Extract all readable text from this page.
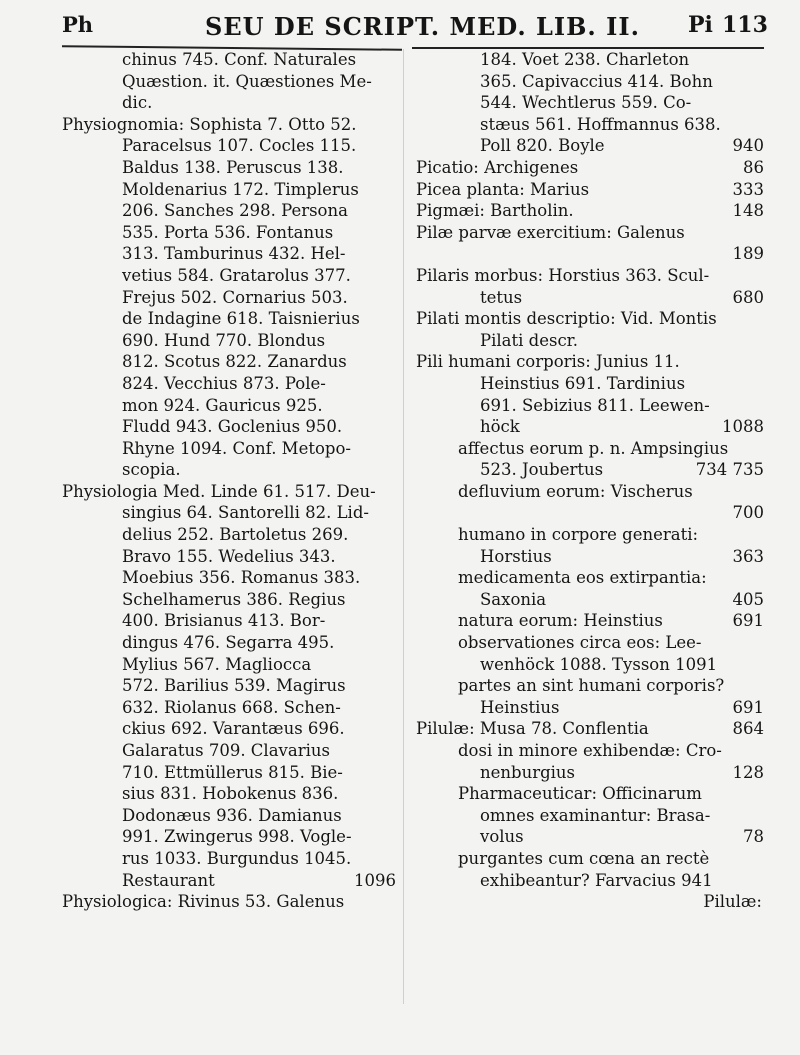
Ph	SEU DE SCRIPT. MED. LIB. II. Pi 113
chinus 745. Conf. Naturales
Quæstion. it. Quæstiones Me-
dic.
Physiognomia: Sophista 7. Otto 52.
Paracelsus 107. Cocles 115.
Baldus 138. Peruscus 138.
Moldenarius 172. Timplerus
206. Sanches 298. Persona
535. Porta 536. Fontanus
313. Tamburinus 432. Hel-
vetius 584. Gratarolus 377.
Frejus 502. Cornarius 503.
de Indagine 618. Taisnierius
690. Hund 770. Blondus
812. Scotus 822. Zanardus
824. Vecchius 873. Pole-
mon 924. Gauricus 925.
Fludd 943. Goclenius 950.
Rhyne 1094. Conf. Metopo-
scopia.
Physiologia Med. Linde 61. 517. Deu-
singius 64. Santorelli 82. Lid-
delius 252. Bartoletus 269.
Bravo 155. Wedelius 343.
Moebius 356. Romanus 383.
Schelhamerus 386. Regius
400. Brisianus 413. Bor-
dingus 476. Segarra 495.
Mylius 567. Magliocca
572. Barilius 539. Magirus
632. Riolanus 668. Schen-
ckius 692. Varantæus 696.
Galaratus 709. Clavarius
710. Ettmüllerus 815. Bie-
sius 831. Hobokenus 836.
Dodonæus 936. Damianus
991. Zwingerus 998. Vogle-
rus 1033. Burgundus 1045.
Restaurant	1096
Physiologica: Rivinus 53. Galenus
184. Voet 238. Charleton
365. Capivaccius 414. Bohn
544. Wechtlerus 559. Co-
stæus 561. Hoffmannus 638.
Poll 820. Boyle	940
Picatio: Archigenes	86
Picea planta: Marius	333
Pigmæi: Bartholin.	148
Pilæ parvæ exercitium: Galenus
189
Pilaris morbus: Horstius 363. Scul-
tetus	680
Pilati montis descriptio: Vid. Montis
Pilati descr.
Pili humani corporis: Junius 11.
Heinstius 691. Tardinius
691. Sebizius 811. Leewen-
höck	1088
affectus eorum p. n. Ampsingius
523. Joubertus	734 735
defluvium eorum: Vischerus
700
humano in corpore generati:
Horstius	363
medicamenta eos extirpantia:
Saxonia	405
natura eorum: Heinstius	691
observationes circa eos: Lee-
wenhöck 1088. Tysson 1091
partes an sint humani corporis?
Heinstius	691
Pilulæ: Musa 78. Conflentia	864
dosi in minore exhibendæ: Cro-
nenburgius	128
Pharmaceuticar: Officinarum
omnes examinantur: Brasa-
volus	78
purgantes cum cœna an rectè
exhibeantur? Farvacius 941
Pilulæ:
